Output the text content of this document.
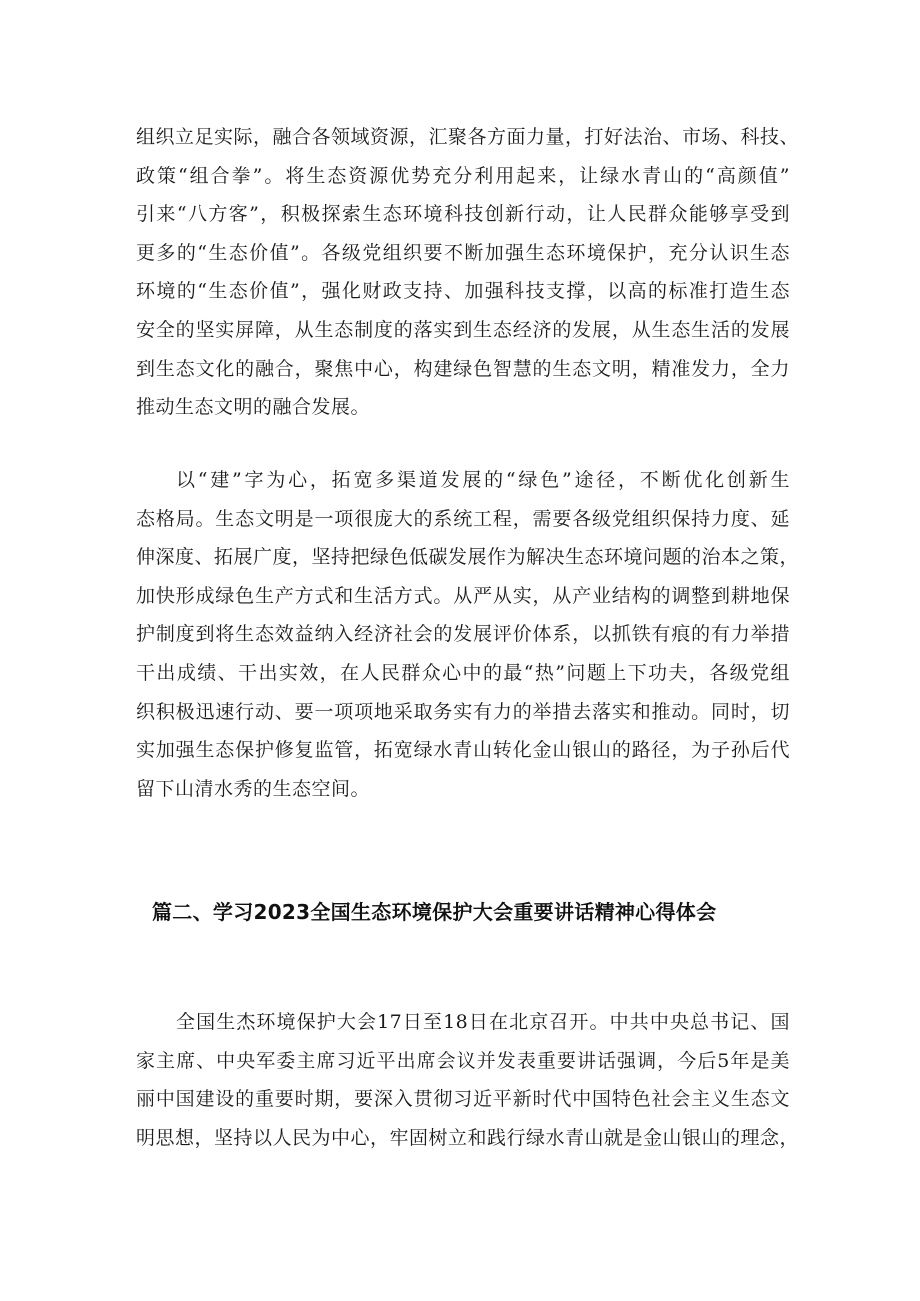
组织立足实际，融合各领域资源，汇聚各方面力量，打好法治、市场、科技、
政策“组合拳”。将生态资源优势充分利用起来，让绿水青山的“高颜值”
引来“八方客”，积极探索生态环境科技创新行动，让人民群众能够享受到
更多的“生态价值”。各级党组织要不断加强生态环境保护，充分认识生态
环境的“生态价值”，强化财政支持、加强科技支撑，以高的标准打造生态
安全的坚实屏障，从生态制度的落实到生态经济的发展，从生态生活的发展
到生态文化的融合，聚焦中心，构建绿色智慧的生态文明，精准发力，全力
推动生态文明的融合发展。
以“建”字为心，拓宽多渠道发展的“绿色”途径，不断优化创新生
态格局。生态文明是一项很庞大的系统工程，需要各级党组织保持力度、延
伸深度、拓展广度，坚持把绿色低碳发展作为解决生态环境问题的治本之策，
加快形成绿色生产方式和生活方式。从严从实，从产业结构的调整到耕地保
护制度到将生态效益纳入经济社会的发展评价体系，以抓铁有痕的有力举措
干出成绩、干出实效，在人民群众心中的最“热”问题上下功夫，各级党组
织积极迅速行动、要一项项地采取务实有力的举措去落实和推动。同时，切
实加强生态保护修复监管，拓宽绿水青山转化金山银山的路径，为子孙后代
留下山清水秀的生态空间。
篇二、学习2023全国生态环境保护大会重要讲话精神心得体会
全国生杰环境保护大会17日至18日在北京召开。中共中央总书记、国
家主席、中央军委主席习近平出席会议并发表重要讲话强调，今后5年是美
丽中国建设的重要时期，要深入贯彻习近平新时代中国特色社会主义生态文
明思想，坚持以人民为中心，牢固树立和践行绿水青山就是金山银山的理念，
